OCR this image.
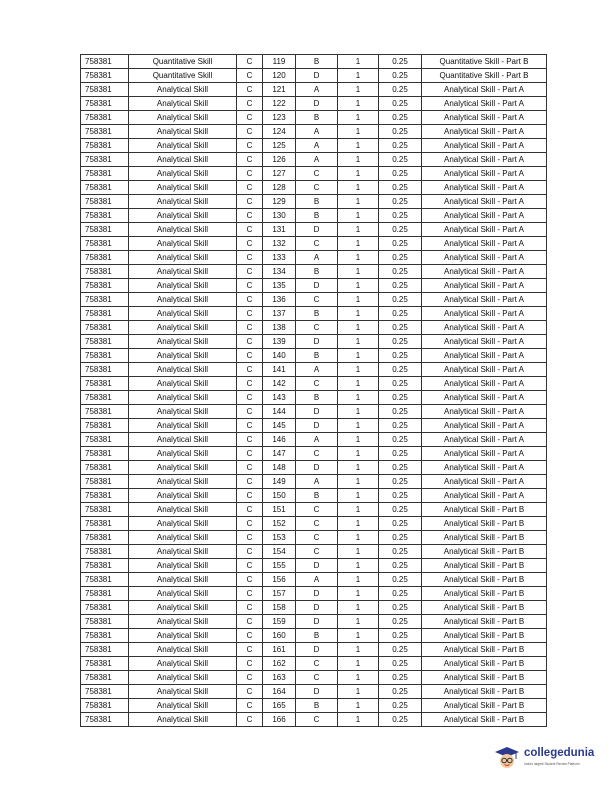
758381	Quantitative Skill	C	119	B	1	0.25	Quantitative Skill - Part B
758381	Quantitative Skill	C	120	D	1	0.25	Quantitative Skill - Part B
758381	Analytical Skill	C	121	A	1	0.25	Analytical Skill - Part A
758381	Analytical Skill	C	122	D	1	0.25	Analytical Skill - Part A
758381	Analytical Skill	C	123	B	1	0.25	Analytical Skill - Part A
758381	Analytical Skill	C	124	A	1	0.25	Analytical Skill - Part A
758381	Analytical Skill	C	125	A	1	0.25	Analytical Skill - Part A
758381	Analytical Skill	C	126	A	1	0.25	Analytical Skill - Part A
758381	Analytical Skill	C	127	C	1	0.25	Analytical Skill - Part A
758381	Analytical Skill	C	128	C	1	0.25	Analytical Skill - Part A
758381	Analytical Skill	C	129	B	1	0.25	Analytical Skill - Part A
758381	Analytical Skill	C	130	B	1	0.25	Analytical Skill - Part A
758381	Analytical Skill	C	131	D	1	0.25	Analytical Skill - Part A
758381	Analytical Skill	C	132	C	1	0.25	Analytical Skill - Part A
758381	Analytical Skill	C	133	A	1	0.25	Analytical Skill - Part A
758381	Analytical Skill	C	134	B	1	0.25	Analytical Skill - Part A
758381	Analytical Skill	C	135	D	1	0.25	Analytical Skill - Part A
758381	Analytical Skill	C	136	C	1	0.25	Analytical Skill - Part A
758381	Analytical Skill	C	137	B	1	0.25	Analytical Skill - Part A
758381	Analytical Skill	C	138	C	1	0.25	Analytical Skill - Part A
758381	Analytical Skill	C	139	D	1	0.25	Analytical Skill - Part A
758381	Analytical Skill	C	140	B	1	0.25	Analytical Skill - Part A
758381	Analytical Skill	C	141	A	1	0.25	Analytical Skill - Part A
758381	Analytical Skill	C	142	C	1	0.25	Analytical Skill - Part A
758381	Analytical Skill	C	143	B	1	0.25	Analytical Skill - Part A
758381	Analytical Skill	C	144	D	1	0.25	Analytical Skill - Part A
758381	Analytical Skill	C	145	D	1	0.25	Analytical Skill - Part A
758381	Analytical Skill	C	146	A	1	0.25	Analytical Skill - Part A
758381	Analytical Skill	C	147	C	1	0.25	Analytical Skill - Part A
758381	Analytical Skill	C	148	D	1	0.25	Analytical Skill - Part A
758381	Analytical Skill	C	149	A	1	0.25	Analytical Skill - Part A
758381	Analytical Skill	C	150	B	1	0.25	Analytical Skill - Part A
758381	Analytical Skill	C	151	C	1	0.25	Analytical Skill - Part B
758381	Analytical Skill	C	152	C	1	0.25	Analytical Skill - Part B
758381	Analytical Skill	C	153	C	1	0.25	Analytical Skill - Part B
758381	Analytical Skill	C	154	C	1	0.25	Analytical Skill - Part B
758381	Analytical Skill	C	155	D	1	0.25	Analytical Skill - Part B
758381	Analytical Skill	C	156	A	1	0.25	Analytical Skill - Part B
758381	Analytical Skill	C	157	D	1	0.25	Analytical Skill - Part B
758381	Analytical Skill	C	158	D	1	0.25	Analytical Skill - Part B
758381	Analytical Skill	C	159	D	1	0.25	Analytical Skill - Part B
758381	Analytical Skill	C	160	B	1	0.25	Analytical Skill - Part B
758381	Analytical Skill	C	161	D	1	0.25	Analytical Skill - Part B
758381	Analytical Skill	C	162	C	1	0.25	Analytical Skill - Part B
758381	Analytical Skill	C	163	C	1	0.25	Analytical Skill - Part B
758381	Analytical Skill	C	164	D	1	0.25	Analytical Skill - Part B
758381	Analytical Skill	C	165	B	1	0.25	Analytical Skill - Part B
758381	Analytical Skill	C	166	C	1	0.25	Analytical Skill - Part B
collegedunia
India's largest Student Review Platform
